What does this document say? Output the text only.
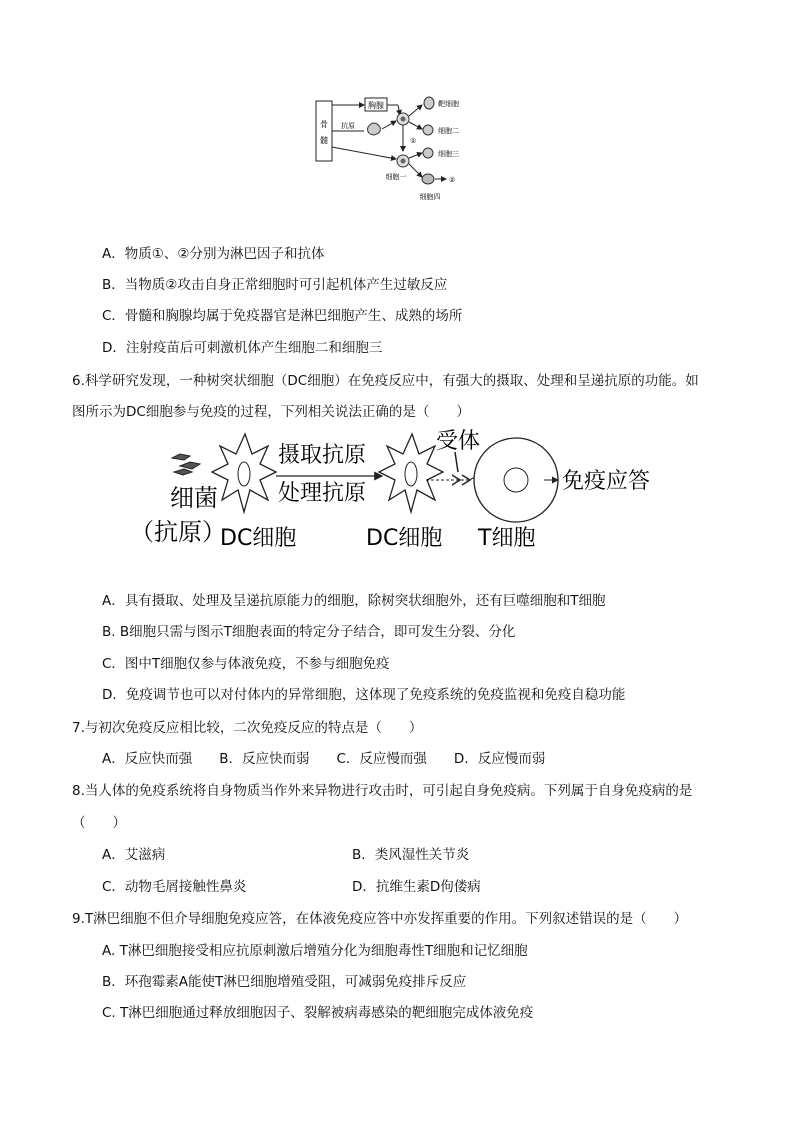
骨
髓
胸腺
抗原
①
细胞一
靶细胞
细胞二
细胞三
②
细胞四
A．物质①、②分别为淋巴因子和抗体
B．当物质②攻击自身正常细胞时可引起机体产生过敏反应
C．骨髓和胸腺均属于免疫器官是淋巴细胞产生、成熟的场所
D．注射疫苗后可刺激机体产生细胞二和细胞三
6.科学研究发现，一种树突状细胞（DC细胞）在免疫反应中，有强大的摄取、处理和呈递抗原的功能。如
图所示为DC细胞参与免疫的过程，下列相关说法正确的是（　　）
细菌
（抗原）
DC细胞
摄取抗原
处理抗原
DC细胞
受体
T细胞
免疫应答
A．具有摄取、处理及呈递抗原能力的细胞，除树突状细胞外，还有巨噬细胞和T细胞
B. B细胞只需与图示T细胞表面的特定分子结合，即可发生分裂、分化
C．图中T细胞仅参与体液免疫，不参与细胞免疫
D．免疫调节也可以对付体内的异常细胞，这体现了免疫系统的免疫监视和免疫自稳功能
7.与初次免疫反应相比较，二次免疫反应的特点是（　　）
A．反应快而强　　B．反应快而弱　　C．反应慢而强　　D．反应慢而弱
8.当人体的免疫系统将自身物质当作外来异物进行攻击时，可引起自身免疫病。下列属于自身免疫病的是
（　　）
A．艾滋病	B．类风湿性关节炎
C．动物毛屑接触性鼻炎	D．抗维生素D佝偻病
9.T淋巴细胞不但介导细胞免疫应答，在体液免疫应答中亦发挥重要的作用。下列叙述错误的是（　　）
A. T淋巴细胞接受相应抗原刺激后增殖分化为细胞毒性T细胞和记忆细胞
B．环孢霉素A能使T淋巴细胞增殖受阻，可减弱免疫排斥反应
C. T淋巴细胞通过释放细胞因子、裂解被病毒感染的靶细胞完成体液免疫
